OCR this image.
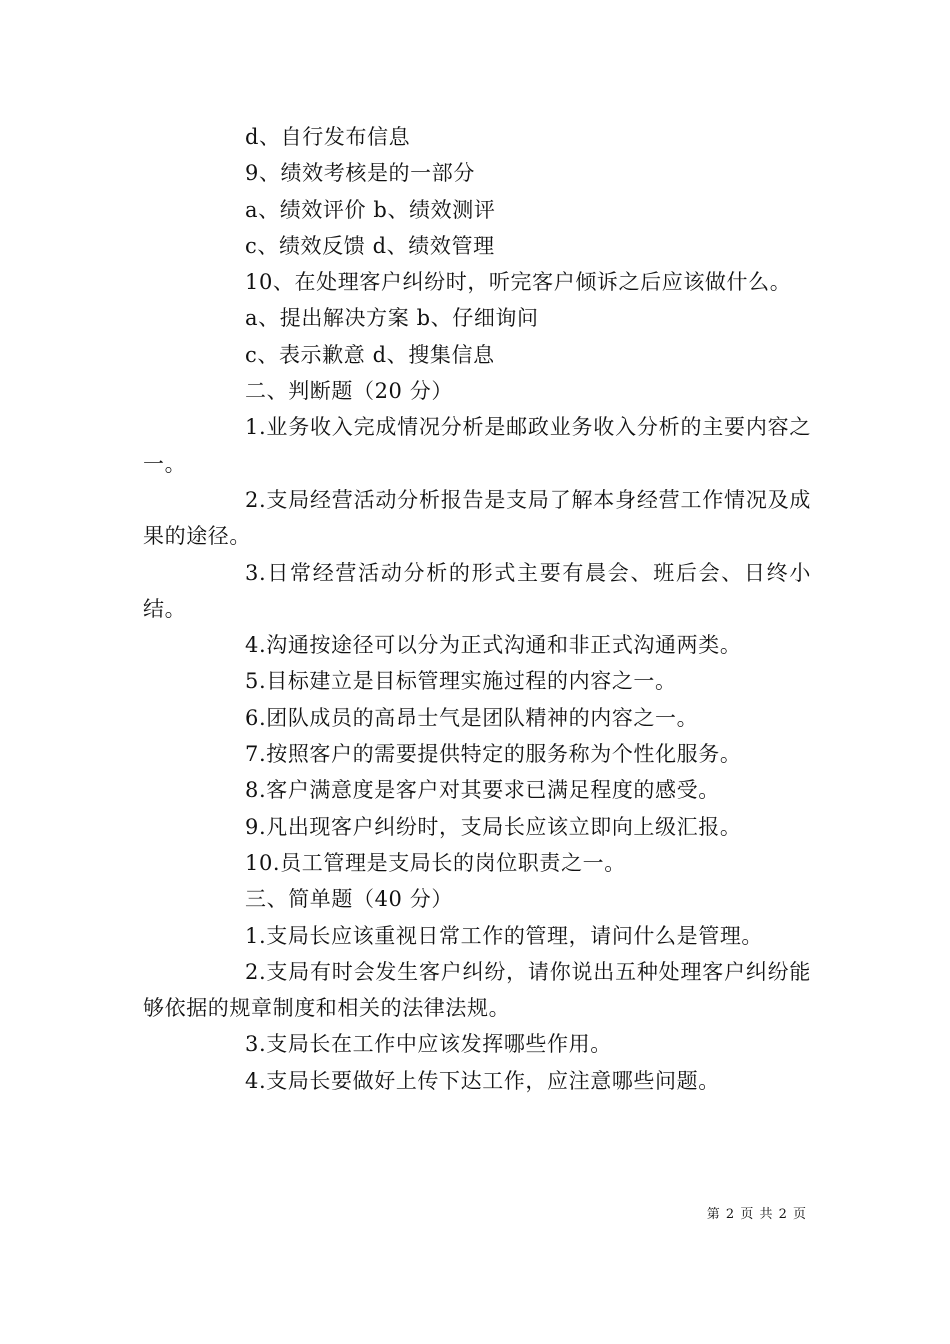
d、自行发布信息
9、绩效考核是的一部分
a、绩效评价 b、绩效测评
c、绩效反馈 d、绩效管理
10、在处理客户纠纷时，听完客户倾诉之后应该做什么。
a、提出解决方案 b、仔细询问
c、表示歉意 d、搜集信息
二、判断题（20 分）
1.业务收入完成情况分析是邮政业务收入分析的主要内容之一。
2.支局经营活动分析报告是支局了解本身经营工作情况及成果的途径。
3.日常经营活动分析的形式主要有晨会、班后会、日终小结。
4.沟通按途径可以分为正式沟通和非正式沟通两类。
5.目标建立是目标管理实施过程的内容之一。
6.团队成员的高昂士气是团队精神的内容之一。
7.按照客户的需要提供特定的服务称为个性化服务。
8.客户满意度是客户对其要求已满足程度的感受。
9.凡出现客户纠纷时，支局长应该立即向上级汇报。
10.员工管理是支局长的岗位职责之一。
三、简单题（40 分）
1.支局长应该重视日常工作的管理，请问什么是管理。
2.支局有时会发生客户纠纷，请你说出五种处理客户纠纷能够依据的规章制度和相关的法律法规。
3.支局长在工作中应该发挥哪些作用。
4.支局长要做好上传下达工作，应注意哪些问题。
第 2 页 共 2 页
